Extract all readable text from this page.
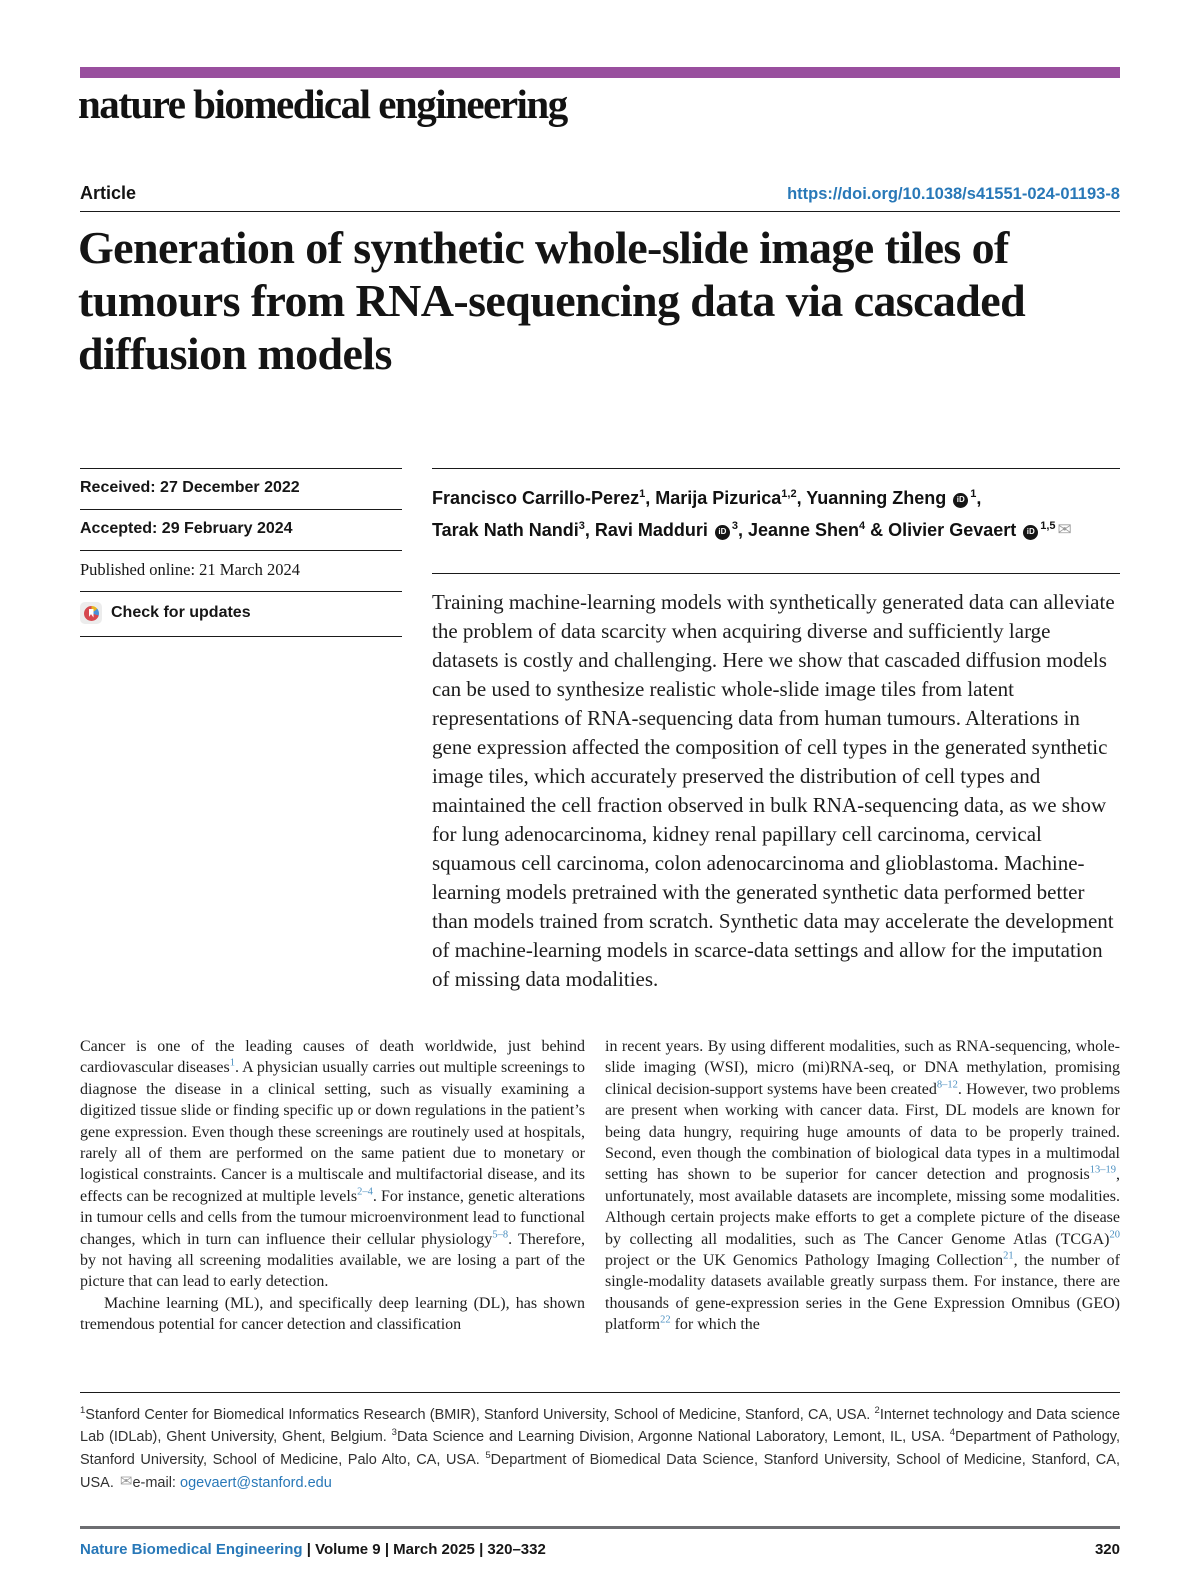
nature biomedical engineering
Article	https://doi.org/10.1038/s41551-024-01193-8
Generation of synthetic whole-slide image tiles of tumours from RNA-sequencing data via cascaded diffusion models
Received: 27 December 2022
Accepted: 29 February 2024
Published online: 21 March 2024
Check for updates
Francisco Carrillo-Perez$^1$, Marija Pizurica$^{1,2}$, Yuanning Zheng iD $^1$,
Tarak Nath Nandi$^3$, Ravi Madduri iD $^3$, Jeanne Shen$^4$ & Olivier Gevaert iD $^{1,5}$ ✉
Training machine-learning models with synthetically generated data can alleviate the problem of data scarcity when acquiring diverse and sufficiently large datasets is costly and challenging. Here we show that cascaded diffusion models can be used to synthesize realistic whole-slide image tiles from latent representations of RNA-sequencing data from human tumours. Alterations in gene expression affected the composition of cell types in the generated synthetic image tiles, which accurately preserved the distribution of cell types and maintained the cell fraction observed in bulk RNA-sequencing data, as we show for lung adenocarcinoma, kidney renal papillary cell carcinoma, cervical squamous cell carcinoma, colon adenocarcinoma and glioblastoma. Machine-learning models pretrained with the generated synthetic data performed better than models trained from scratch. Synthetic data may accelerate the development of machine-learning models in scarce-data settings and allow for the imputation of missing data modalities.

Cancer is one of the leading causes of death worldwide, just behind cardiovascular diseases$^1$. A physician usually carries out multiple screenings to diagnose the disease in a clinical setting, such as visually examining a digitized tissue slide or finding specific up or down regulations in the patient’s gene expression. Even though these screenings are routinely used at hospitals, rarely all of them are performed on the same patient due to monetary or logistical constraints. Cancer is a multiscale and multifactorial disease, and its effects can be recognized at multiple levels$^{2-4}$. For instance, genetic alterations in tumour cells and cells from the tumour microenvironment lead to functional changes, which in turn can influence their cellular physiology$^{5-8}$. Therefore, by not having all screening modalities available, we are losing a part of the picture that can lead to early detection.

Machine learning (ML), and specifically deep learning (DL), has shown tremendous potential for cancer detection and classification

in recent years. By using different modalities, such as RNA-sequencing, whole-slide imaging (WSI), micro (mi)RNA-seq, or DNA methylation, promising clinical decision-support systems have been created$^{8-12}$. However, two problems are present when working with cancer data. First, DL models are known for being data hungry, requiring huge amounts of data to be properly trained. Second, even though the combination of biological data types in a multimodal setting has shown to be superior for cancer detection and prognosis$^{13-19}$, unfortunately, most available datasets are incomplete, missing some modalities. Although certain projects make efforts to get a complete picture of the disease by collecting all modalities, such as The Cancer Genome Atlas (TCGA)$^{20}$ project or the UK Genomics Pathology Imaging Collection$^{21}$, the number of single-modality datasets available greatly surpass them. For instance, there are thousands of gene-expression series in the Gene Expression Omnibus (GEO) platform$^{22}$ for which the

$^1$Stanford Center for Biomedical Informatics Research (BMIR), Stanford University, School of Medicine, Stanford, CA, USA. $^2$Internet technology and Data science Lab (IDLab), Ghent University, Ghent, Belgium. $^3$Data Science and Learning Division, Argonne National Laboratory, Lemont, IL, USA. $^4$Department of Pathology, Stanford University, School of Medicine, Palo Alto, CA, USA. $^5$Department of Biomedical Data Science, Stanford University, School of Medicine, Stanford, CA, USA. ✉e-mail: ogevaert@stanford.edu
Nature Biomedical Engineering | Volume 9 | March 2025 | 320–332	320
